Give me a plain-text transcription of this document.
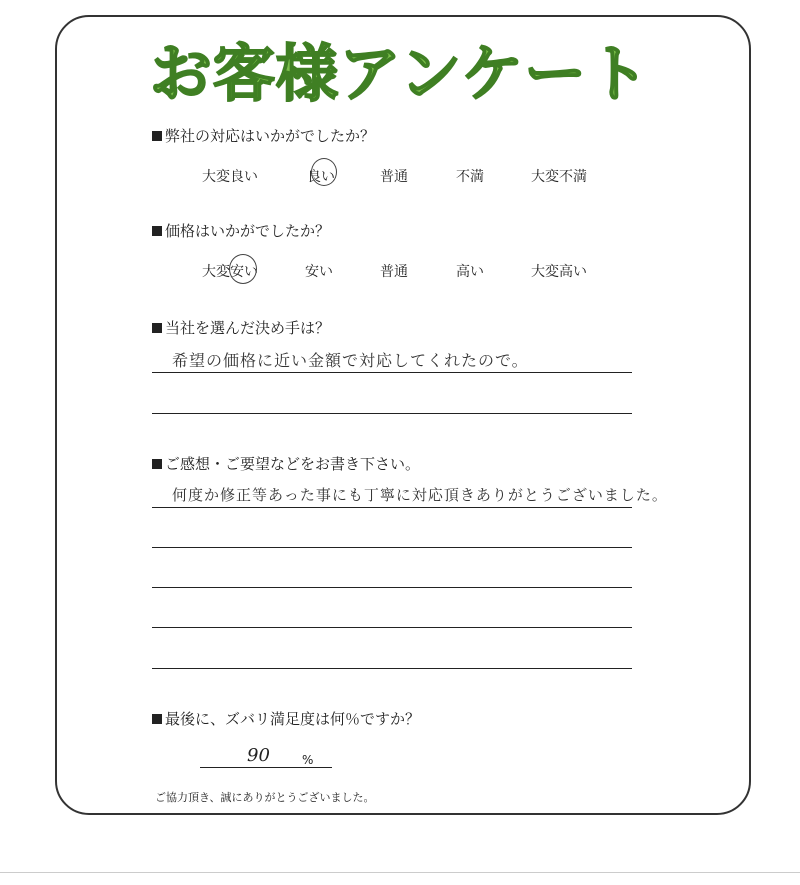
お客様アンケート
弊社の対応はいかがでしたか？
大変良い	良い	普通	不満	大変不満
価格はいかがでしたか？
大変安い	安い	普通	高い	大変高い
当社を選んだ決め手は？
希望の価格に近い金額で対応してくれたので。
ご感想・ご要望などをお書き下さい。
何度か修正等あった事にも丁寧に対応頂きありがとうございました。
最後に、ズバリ満足度は何％ですか？
90	%
ご協力頂き、誠にありがとうございました。
